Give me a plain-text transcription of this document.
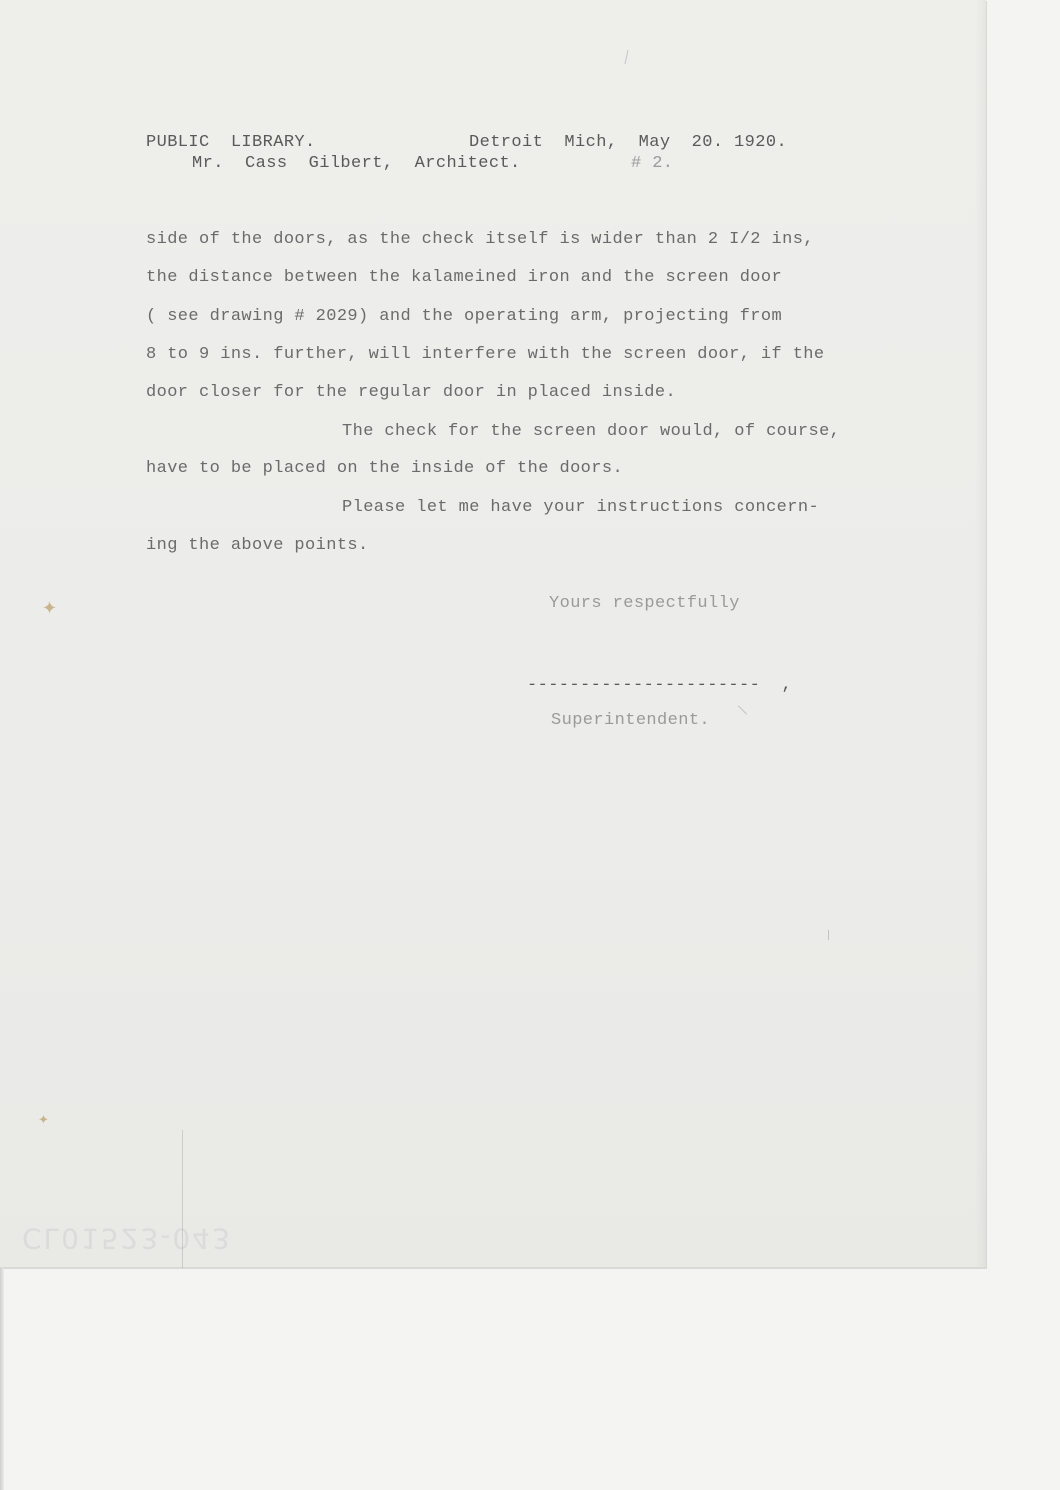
PUBLIC  LIBRARY.	Detroit  Mich,  May  20. 1920.

Mr.  Cass  Gilbert,  Architect.	# 2.

side of the doors, as the check itself is wider than 2 I/2 ins,

the distance between the kalameined iron and the screen door

( see drawing # 2029) and the operating arm, projecting from

8 to 9 ins. further, will interfere with the screen door, if the

door closer for the regular door in placed inside.

The check for the screen door would, of course,

have to be placed on the inside of the doors.

Please let me have your instructions concern-

ing the above points.

Yours respectfully

----------------------  ,

Superintendent.

✦
✦
CL01523-043
